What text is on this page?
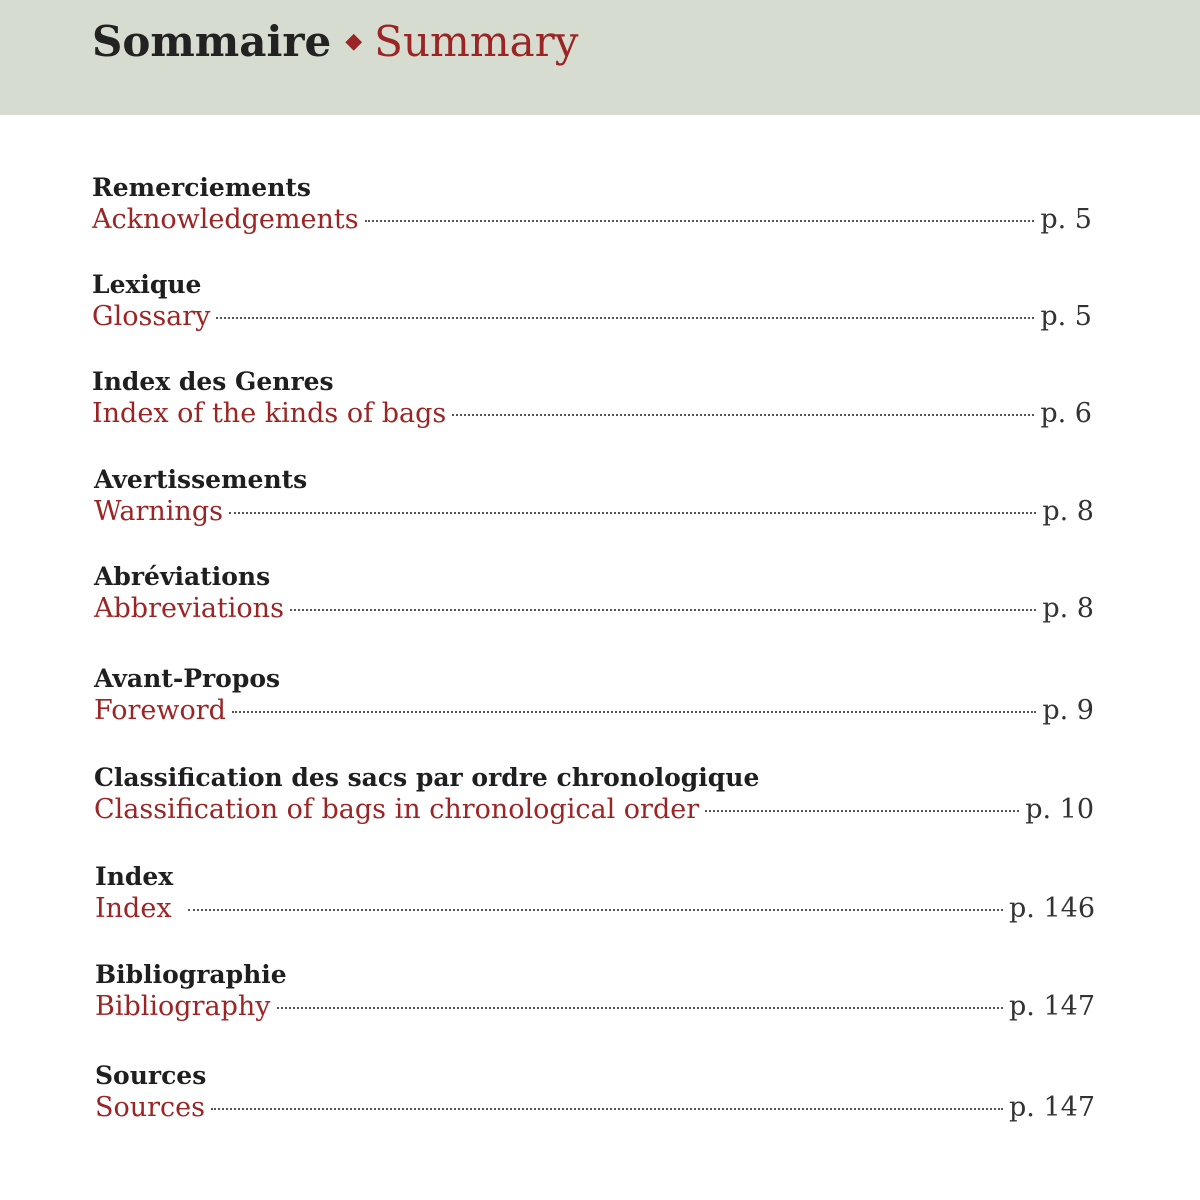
Sommaire ◆ Summary
Remerciements
Acknowledgements	p. 5
Lexique
Glossary	p. 5
Index des Genres
Index of the kinds of bags	p. 6
Avertissements
Warnings	p. 8
Abréviations
Abbreviations	p. 8
Avant-Propos
Foreword	p. 9
Classification des sacs par ordre chronologique
Classification of bags in chronological order	p. 10
Index
Index	p. 146
Bibliographie
Bibliography	p. 147
Sources
Sources	p. 147
